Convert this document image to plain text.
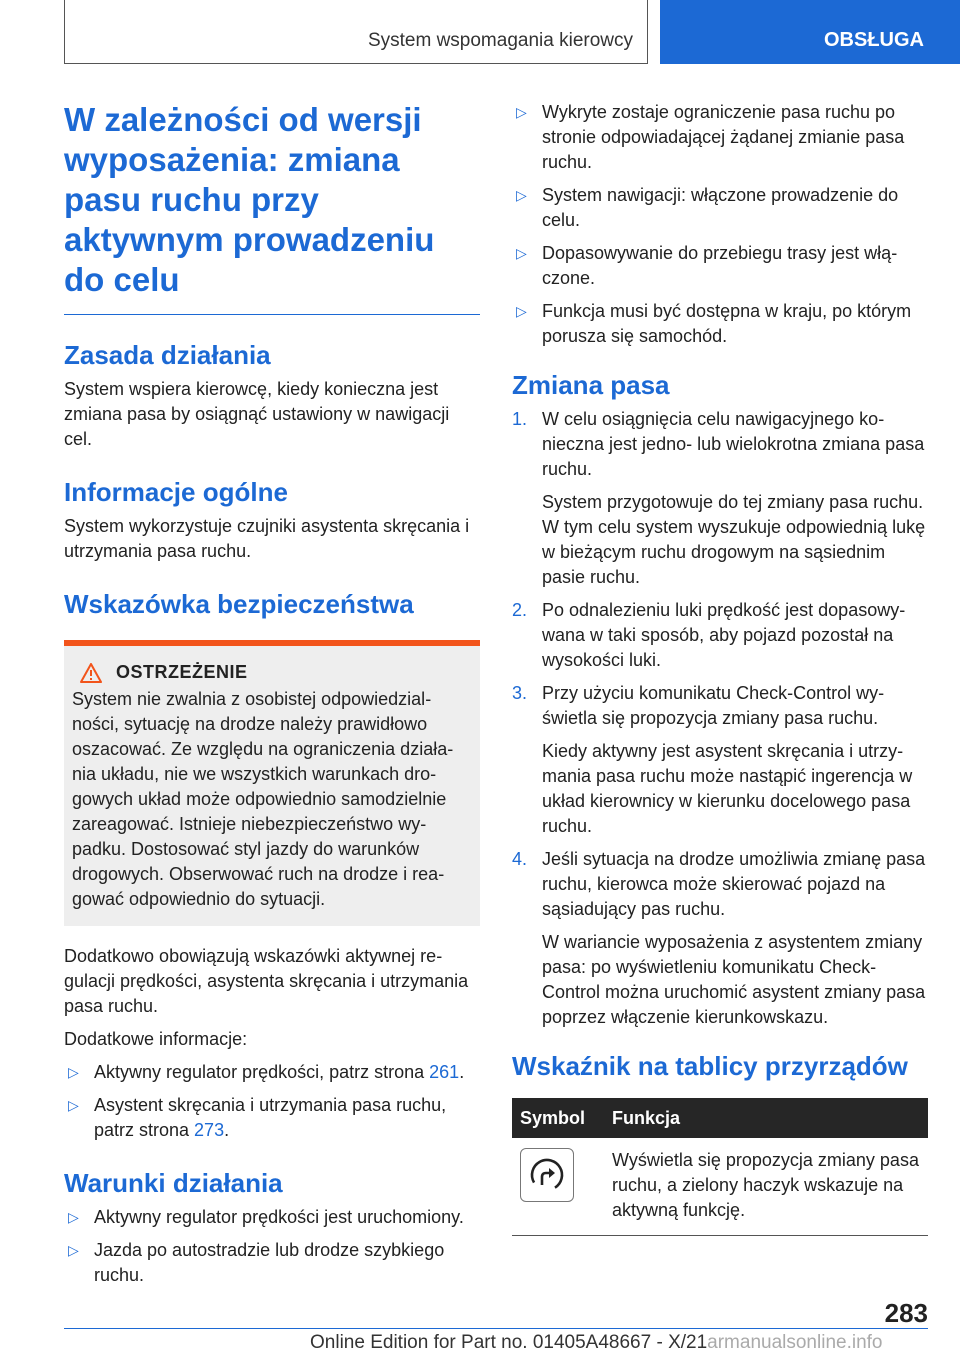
System wspomagania kierowcy	OBSŁUGA
W zależności od wersji wyposażenia: zmiana pasu ruchu przy aktywnym prowadzeniu do celu
Zasada działania

System wspiera kierowcę, kiedy konieczna jest zmiana pasa by osiągnąć ustawiony w nawigacji cel.

Informacje ogólne

System wykorzystuje czujniki asystenta skręcania i utrzymania pasa ruchu.

Wskazówka bezpieczeństwa
OSTRZEŻENIE

System nie zwalnia z osobistej odpowiedzialności, sytuację na drodze należy prawidłowo oszacować. Ze względu na ograniczenia działania układu, nie we wszystkich warunkach drogowych układ może odpowiednio samodzielnie zareagować. Istnieje niebezpieczeństwo wypadku. Dostosować styl jazdy do warunków drogowych. Obserwować ruch na drodze i reagować odpowiednio do sytuacji.

Dodatkowo obowiązują wskazówki aktywnej regulacji prędkości, asystenta skręcania i utrzymania pasa ruchu.

Dodatkowe informacje:

▷ Aktywny regulator prędkości, patrz strona 261.
▷ Asystent skręcania i utrzymania pasa ruchu, patrz strona 273.
Warunki działania
▷ Aktywny regulator prędkości jest uruchomiony.
▷ Jazda po autostradzie lub drodze szybkiego ruchu.
▷ Wykryte zostaje ograniczenie pasa ruchu po stronie odpowiadającej żądanej zmianie pasa ruchu.
▷ System nawigacji: włączone prowadzenie do celu.
▷ Dopasowywanie do przebiegu trasy jest włączone.
▷ Funkcja musi być dostępna w kraju, po którym porusza się samochód.
Zmiana pasa
1. W celu osiągnięcia celu nawigacyjnego konieczna jest jedno- lub wielokrotna zmiana pasa ruchu.

System przygotowuje do tej zmiany pasa ruchu. W tym celu system wyszukuje odpowiednią lukę w bieżącym ruchu drogowym na sąsiednim pasie ruchu.

2. Po odnalezieniu luki prędkość jest dopasowywana w taki sposób, aby pojazd pozostał na wysokości luki.
3. Przy użyciu komunikatu Check-Control wyświetla się propozycja zmiany pasa ruchu.

Kiedy aktywny jest asystent skręcania i utrzymania pasa ruchu może nastąpić ingerencja w układ kierownicy w kierunku docelowego pasa ruchu.

4. Jeśli sytuacja na drodze umożliwia zmianę pasa ruchu, kierowca może skierować pojazd na sąsiadujący pas ruchu.

W wariancie wyposażenia z asystentem zmiany pasa: po wyświetleniu komunikatu Check-Control można uruchomić asystent zmiany pasa poprzez włączenie kierunkowskazu.

Wskaźnik na tablicy przyrządów
Symbol	Funkcja

	Wyświetla się propozycja zmiany pasa ruchu, a zielony haczyk wskazuje na aktywną funkcję.
283
Online Edition for Part no. 01405A48667 - X/21armanualsonline.info
